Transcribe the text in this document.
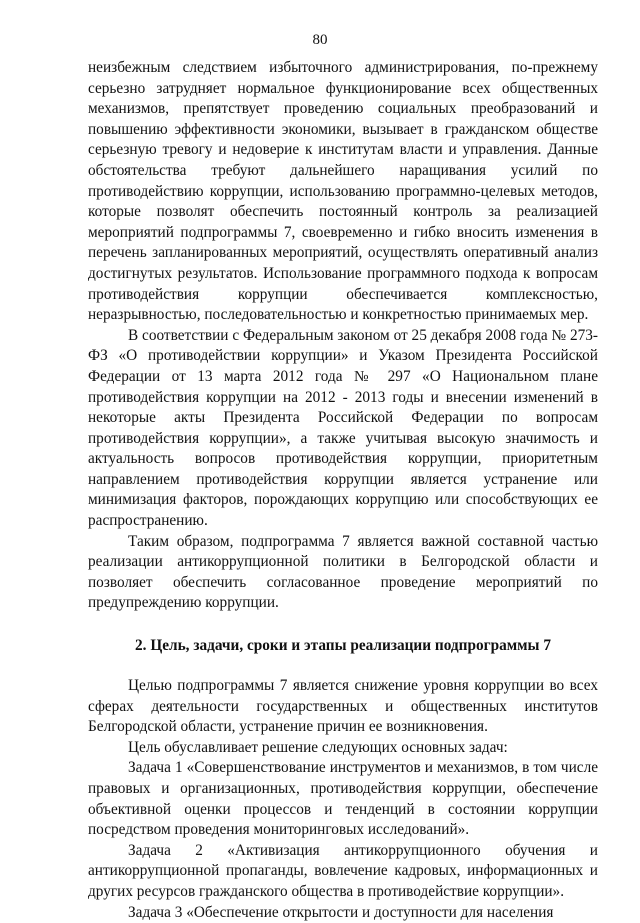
80

неизбежным следствием избыточного администрирования, по-прежнему серьезно затрудняет нормальное функционирование всех общественных механизмов, препятствует проведению социальных преобразований и повышению эффективности экономики, вызывает в гражданском обществе серьезную тревогу и недоверие к институтам власти и управления. Данные обстоятельства требуют дальнейшего наращивания усилий по противодействию коррупции, использованию программно-целевых методов, которые позволят обеспечить постоянный контроль за реализацией мероприятий подпрограммы 7, своевременно и гибко вносить изменения в перечень запланированных мероприятий, осуществлять оперативный анализ достигнутых результатов. Использование программного подхода к вопросам противодействия коррупции обеспечивается комплексностью, неразрывностью, последовательностью и конкретностью принимаемых мер.

В соответствии с Федеральным законом от 25 декабря 2008 года № 273-ФЗ «О противодействии коррупции» и Указом Президента Российской Федерации от 13 марта 2012 года № 297 «О Национальном плане противодействия коррупции на 2012 - 2013 годы и внесении изменений в некоторые акты Президента Российской Федерации по вопросам противодействия коррупции», а также учитывая высокую значимость и актуальность вопросов противодействия коррупции, приоритетным направлением противодействия коррупции является устранение или минимизация факторов, порождающих коррупцию или способствующих ее распространению.

Таким образом, подпрограмма 7 является важной составной частью реализации антикоррупционной политики в Белгородской области и позволяет обеспечить согласованное проведение мероприятий по предупреждению коррупции.

2. Цель, задачи, сроки и этапы реализации подпрограммы 7

Целью подпрограммы 7 является снижение уровня коррупции во всех сферах деятельности государственных и общественных институтов Белгородской области, устранение причин ее возникновения.

Цель обуславливает решение следующих основных задач:

Задача 1 «Совершенствование инструментов и механизмов, в том числе правовых и организационных, противодействия коррупции, обеспечение объективной оценки процессов и тенденций в состоянии коррупции посредством проведения мониторинговых исследований».

Задача 2 «Активизация антикоррупционного обучения и антикоррупционной пропаганды, вовлечение кадровых, информационных и других ресурсов гражданского общества в противодействие коррупции».

Задача 3 «Обеспечение открытости и доступности для населения
